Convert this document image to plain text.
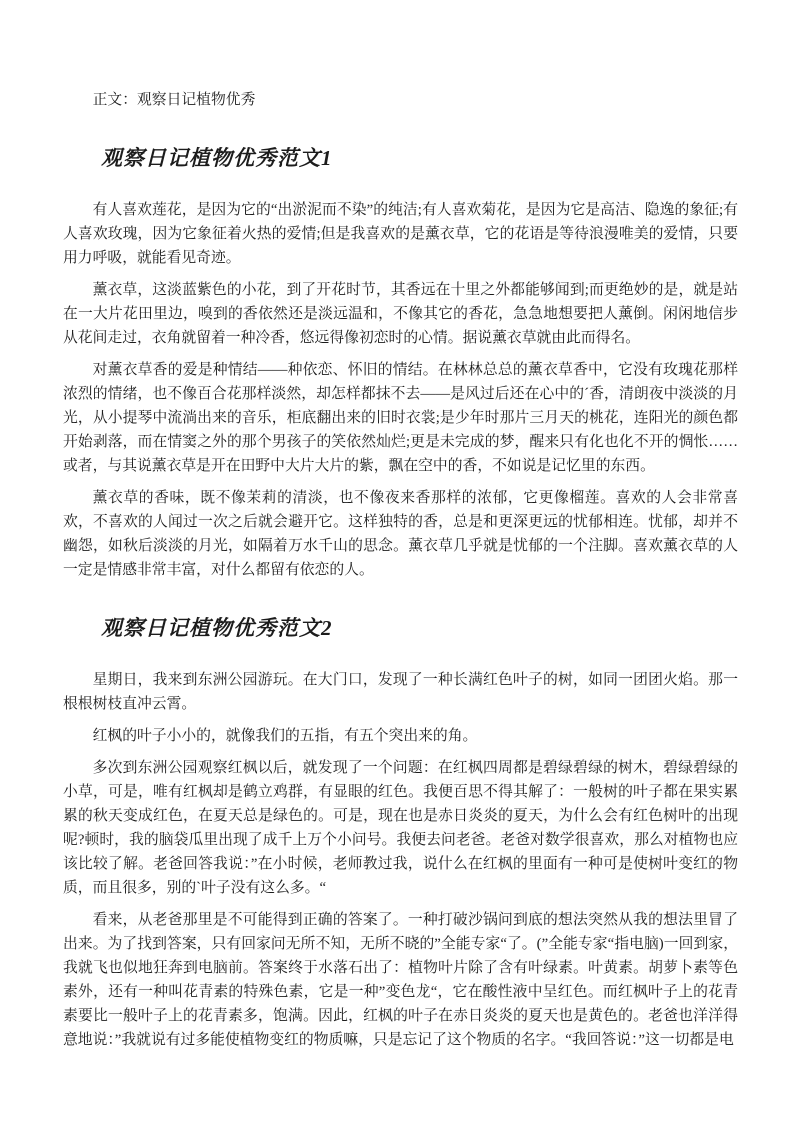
正文：观察日记植物优秀

观察日记植物优秀范文1

有人喜欢莲花，是因为它的“出淤泥而不染”的纯洁;有人喜欢菊花，是因为它是高洁、隐逸的象征;有人喜欢玫瑰，因为它象征着火热的爱情;但是我喜欢的是薰衣草，它的花语是等待浪漫唯美的爱情，只要用力呼吸，就能看见奇迹。

薰衣草，这淡蓝紫色的小花，到了开花时节，其香远在十里之外都能够闻到;而更绝妙的是，就是站在一大片花田里边，嗅到的香依然还是淡远温和，不像其它的香花，急急地想要把人薰倒。闲闲地信步从花间走过，衣角就留着一种冷香，悠远得像初恋时的心情。据说薰衣草就由此而得名。

对薰衣草香的爱是种情结——种依恋、怀旧的情结。在林林总总的薰衣草香中，它没有玫瑰花那样浓烈的情绪，也不像百合花那样淡然，却怎样都抹不去——是风过后还在心中的ˊ香，清朗夜中淡淡的月光，从小提琴中流淌出来的音乐，柜底翻出来的旧时衣裳;是少年时那片三月天的桃花，连阳光的颜色都开始剥落，而在情窦之外的那个男孩子的笑依然灿烂;更是未完成的梦，醒来只有化也化不开的惆怅……或者，与其说薰衣草是开在田野中大片大片的紫，飘在空中的香，不如说是记忆里的东西。

薰衣草的香味，既不像茉莉的清淡，也不像夜来香那样的浓郁，它更像榴莲。喜欢的人会非常喜欢，不喜欢的人闻过一次之后就会避开它。这样独特的香，总是和更深更远的忧郁相连。忧郁，却并不幽怨，如秋后淡淡的月光，如隔着万水千山的思念。薰衣草几乎就是忧郁的一个注脚。喜欢薰衣草的人一定是情感非常丰富，对什么都留有依恋的人。

观察日记植物优秀范文2

星期日，我来到东洲公园游玩。在大门口，发现了一种长满红色叶子的树，如同一团团火焰。那一根根树枝直冲云霄。

红枫的叶子小小的，就像我们的五指，有五个突出来的角。

多次到东洲公园观察红枫以后，就发现了一个问题：在红枫四周都是碧绿碧绿的树木，碧绿碧绿的小草，可是，唯有红枫却是鹤立鸡群，有显眼的红色。我便百思不得其解了：一般树的叶子都在果实累累的秋天变成红色，在夏天总是绿色的。可是，现在也是赤日炎炎的夏天，为什么会有红色树叶的出现呢?顿时，我的脑袋瓜里出现了成千上万个小问号。我便去问老爸。老爸对数学很喜欢，那么对植物也应该比较了解。老爸回答我说：”在小时候，老师教过我，说什么在红枫的里面有一种可是使树叶变红的物质，而且很多，别的`叶子没有这么多。“

看来，从老爸那里是不可能得到正确的答案了。一种打破沙锅问到底的想法突然从我的想法里冒了出来。为了找到答案，只有回家问无所不知，无所不晓的”全能专家“了。(”全能专家“指电脑)一回到家，我就飞也似地狂奔到电脑前。答案终于水落石出了：植物叶片除了含有叶绿素。叶黄素。胡萝卜素等色素外，还有一种叫花青素的特殊色素，它是一种”变色龙“，它在酸性液中呈红色。而红枫叶子上的花青素要比一般叶子上的花青素多，饱满。因此，红枫的叶子在赤日炎炎的夏天也是黄色的。老爸也洋洋得意地说：”我就说有过多能使植物变红的物质嘛，只是忘记了这个物质的名字。“我回答说：”这一切都是电
